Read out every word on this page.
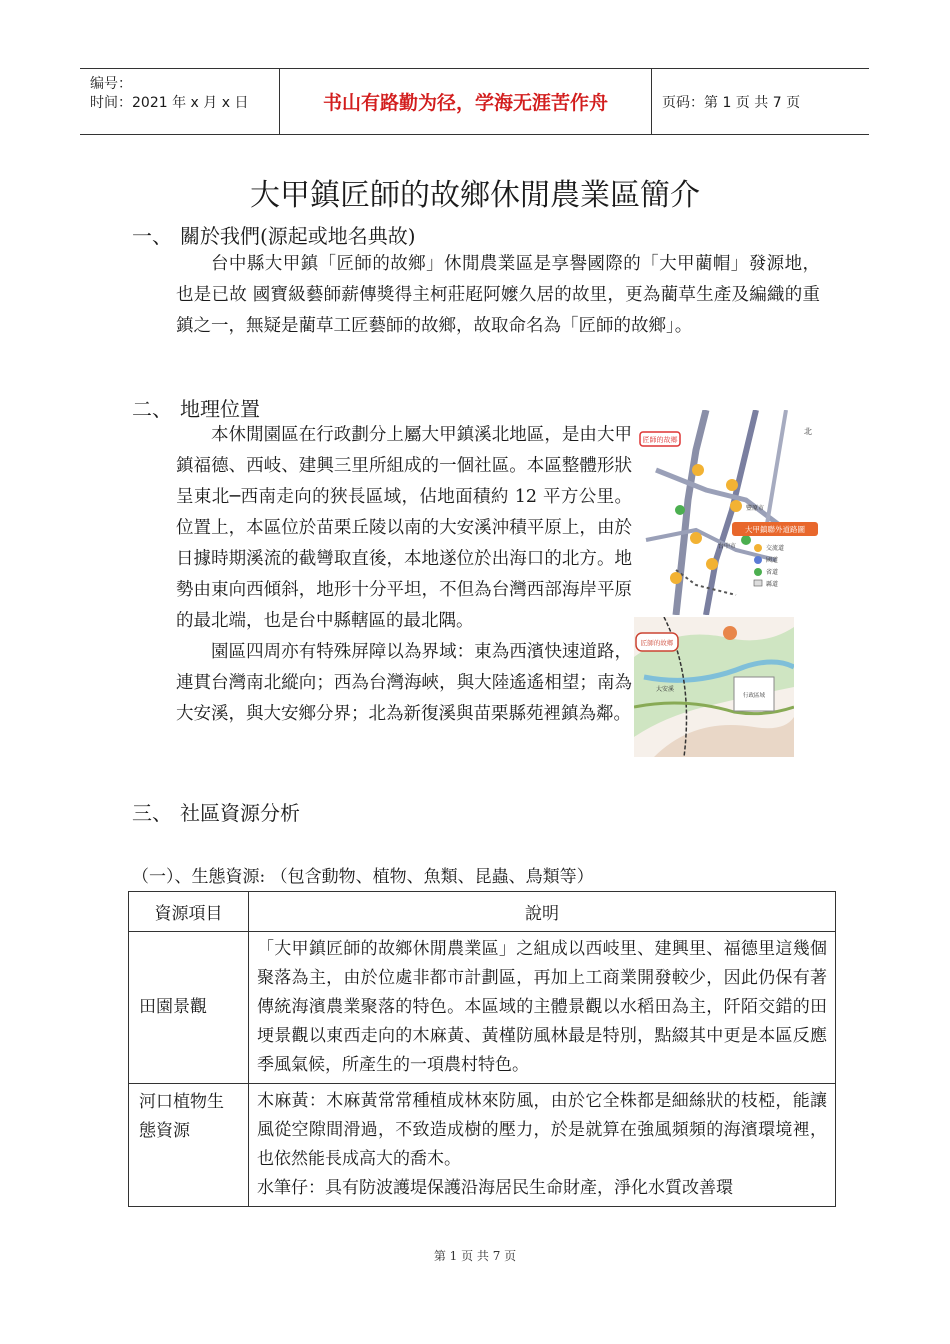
编号：
时间：2021 年 x 月 x 日	书山有路勤为径，学海无涯苦作舟	页码：第 1 页 共 7 页
大甲鎮匠師的故鄉休閒農業區簡介
一、 關於我們(源起或地名典故)

台中縣大甲鎮「匠師的故鄉」休閒農業區是享譽國際的「大甲藺帽」發源地，也是已故 國寶級藝師薪傳獎得主柯莊屘阿嬤久居的故里，更為藺草生產及編織的重鎮之一，無疑是藺草工匠藝師的故鄉，故取命名為「匠師的故鄉」。

二、 地理位置

本休閒園區在行政劃分上屬大甲鎮溪北地區，是由大甲鎮福德、西岐、建興三里所組成的一個社區。本區整體形狀呈東北─西南走向的狹長區域，佔地面積約 12 平方公里。位置上，本區位於苗栗丘陵以南的大安溪沖積平原上，由於日據時期溪流的截彎取直後，本地遂位於出海口的北方。地勢由東向西傾斜，地形十分平坦，不但為台灣西部海岸平原的最北端，也是台中縣轄區的最北隅。

園區四周亦有特殊屏障以為界域：東為西濱快速道路，連貫台灣南北縱向；西為台灣海峽，與大陸遙遙相望；南為大安溪，與大安鄉分界；北為新復溪與苗栗縣苑裡鎮為鄰。

匠師的故鄉
大甲鎮聯外道路圖
台中市
豐原市
北
交流道
國道
省道
縣道
匠師的故鄉
大安溪
行政區域
三、 社區資源分析
（一）、生態資源: （包含動物、植物、魚類、昆蟲、鳥類等）
資源項目	說明
田園景觀	「大甲鎮匠師的故鄉休閒農業區」之組成以西岐里、建興里、福德里這幾個聚落為主，由於位處非都市計劃區，再加上工商業開發較少，因此仍保有著傳統海濱農業聚落的特色。本區域的主體景觀以水稻田為主，阡陌交錯的田埂景觀以東西走向的木麻黃、黃槿防風林最是特別，點綴其中更是本區反應季風氣候，所產生的一項農村特色。
河口植物生態資源	木麻黃：木麻黃常常種植成林來防風，由於它全株都是細絲狀的枝椏，能讓風從空隙間滑過，不致造成樹的壓力，於是就算在強風頻頻的海濱環境裡，也依然能長成高大的喬木。
水筆仔：具有防波護堤保護沿海居民生命財產，淨化水質改善環
第 1 页 共 7 页
